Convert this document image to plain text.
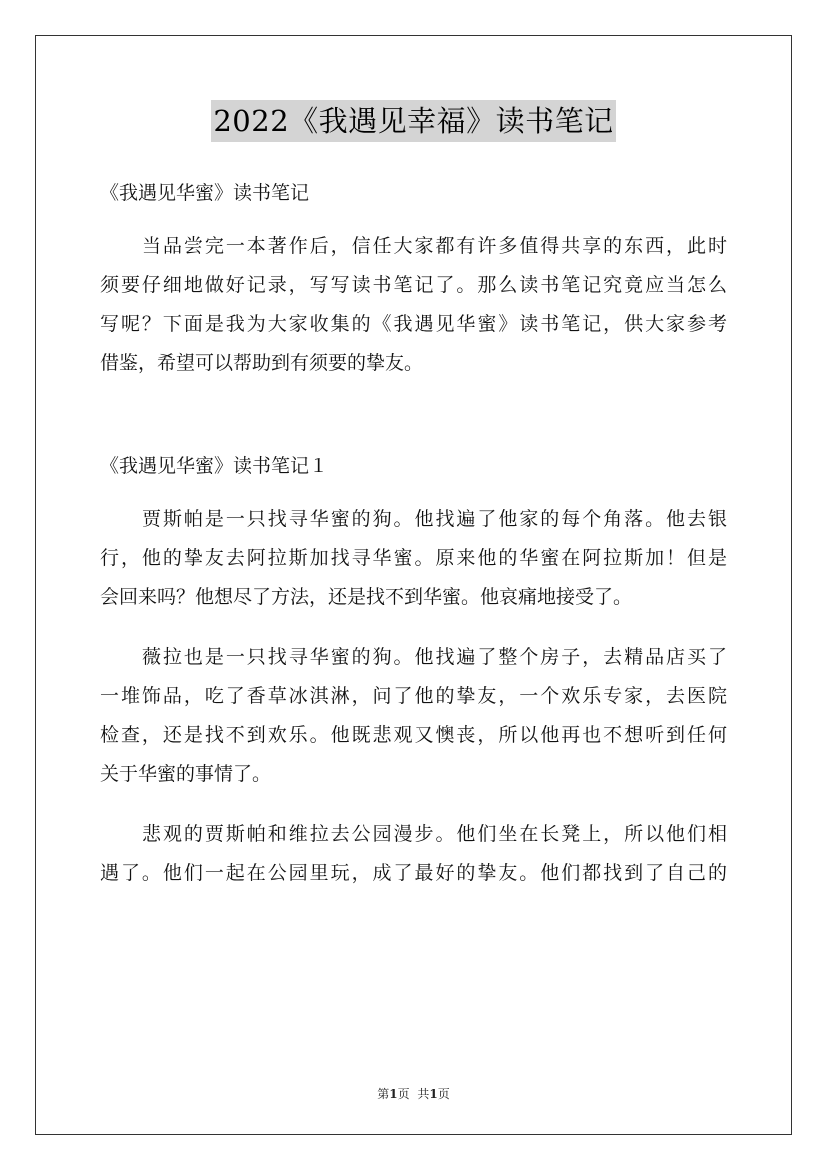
2022《我遇见幸福》读书笔记
《我遇见华蜜》读书笔记
当品尝完一本著作后，信任大家都有许多值得共享的东西，此时
须要仔细地做好记录，写写读书笔记了。那么读书笔记究竟应当怎么
写呢？下面是我为大家收集的《我遇见华蜜》读书笔记，供大家参考
借鉴，希望可以帮助到有须要的挚友。
《我遇见华蜜》读书笔记１
贾斯帕是一只找寻华蜜的狗。他找遍了他家的每个角落。他去银
行，他的挚友去阿拉斯加找寻华蜜。原来他的华蜜在阿拉斯加！但是
会回来吗？他想尽了方法，还是找不到华蜜。他哀痛地接受了。
薇拉也是一只找寻华蜜的狗。他找遍了整个房子，去精品店买了
一堆饰品，吃了香草冰淇淋，问了他的挚友，一个欢乐专家，去医院
检查，还是找不到欢乐。他既悲观又懊丧，所以他再也不想听到任何
关于华蜜的事情了。
悲观的贾斯帕和维拉去公园漫步。他们坐在长凳上，所以他们相
遇了。他们一起在公园里玩，成了最好的挚友。他们都找到了自己的
第1页 共1页
